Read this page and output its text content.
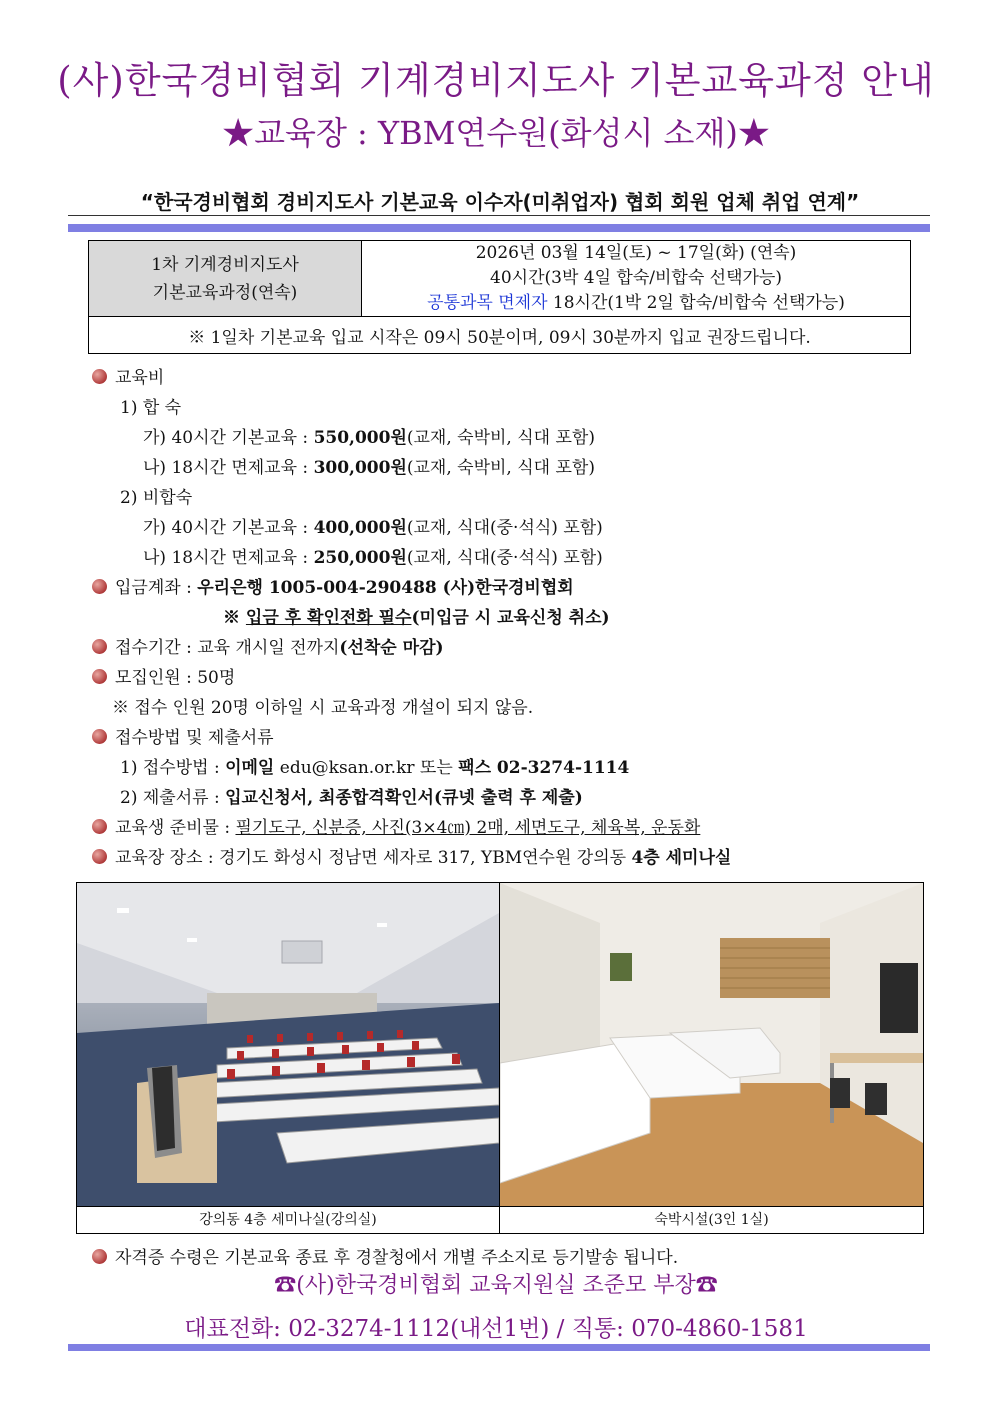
(사)한국경비협회 기계경비지도사 기본교육과정 안내
★교육장 : YBM연수원(화성시 소재)★
“한국경비협회 경비지도사 기본교육 이수자(미취업자) 협회 회원 업체 취업 연계”
1차 기계경비지도사
기본교육과정(연속)

2026년 03월 14일(토) ~ 17일(화) (연속)
40시간(3박 4일 합숙/비합숙 선택가능)
공통과목 면제자 18시간(1박 2일 합숙/비합숙 선택가능)

※ 1일차 기본교육 입교 시작은 09시 50분이며, 09시 30분까지 입교 권장드립니다.
교육비
1) 합 숙
가) 40시간 기본교육 : 550,000원(교재, 숙박비, 식대 포함)
나) 18시간 면제교육 : 300,000원(교재, 숙박비, 식대 포함)
2) 비합숙
가) 40시간 기본교육 : 400,000원(교재, 식대(중·석식) 포함)
나) 18시간 면제교육 : 250,000원(교재, 식대(중·석식) 포함)
입금계좌 : 우리은행 1005-004-290488 (사)한국경비협회
※ 입금 후 확인전화 필수(미입금 시 교육신청 취소)
접수기간 : 교육 개시일 전까지(선착순 마감)
모집인원 : 50명
※ 접수 인원 20명 이하일 시 교육과정 개설이 되지 않음.
접수방법 및 제출서류
1) 접수방법 : 이메일 edu@ksan.or.kr 또는 팩스 02-3274-1114
2) 제출서류 : 입교신청서, 최종합격확인서(큐넷 출력 후 제출)
교육생 준비물 : 필기도구, 신분증, 사진(3×4㎝) 2매, 세면도구, 체육복, 운동화
교육장 장소 : 경기도 화성시 정남면 세자로 317, YBM연수원 강의동 4층 세미나실
강의동 4층 세미나실(강의실)	숙박시설(3인 1실)
자격증 수령은 기본교육 종료 후 경찰청에서 개별 주소지로 등기발송 됩니다.
☎(사)한국경비협회 교육지원실 조준모 부장☎
대표전화: 02-3274-1112(내선1번) / 직통: 070-4860-1581
